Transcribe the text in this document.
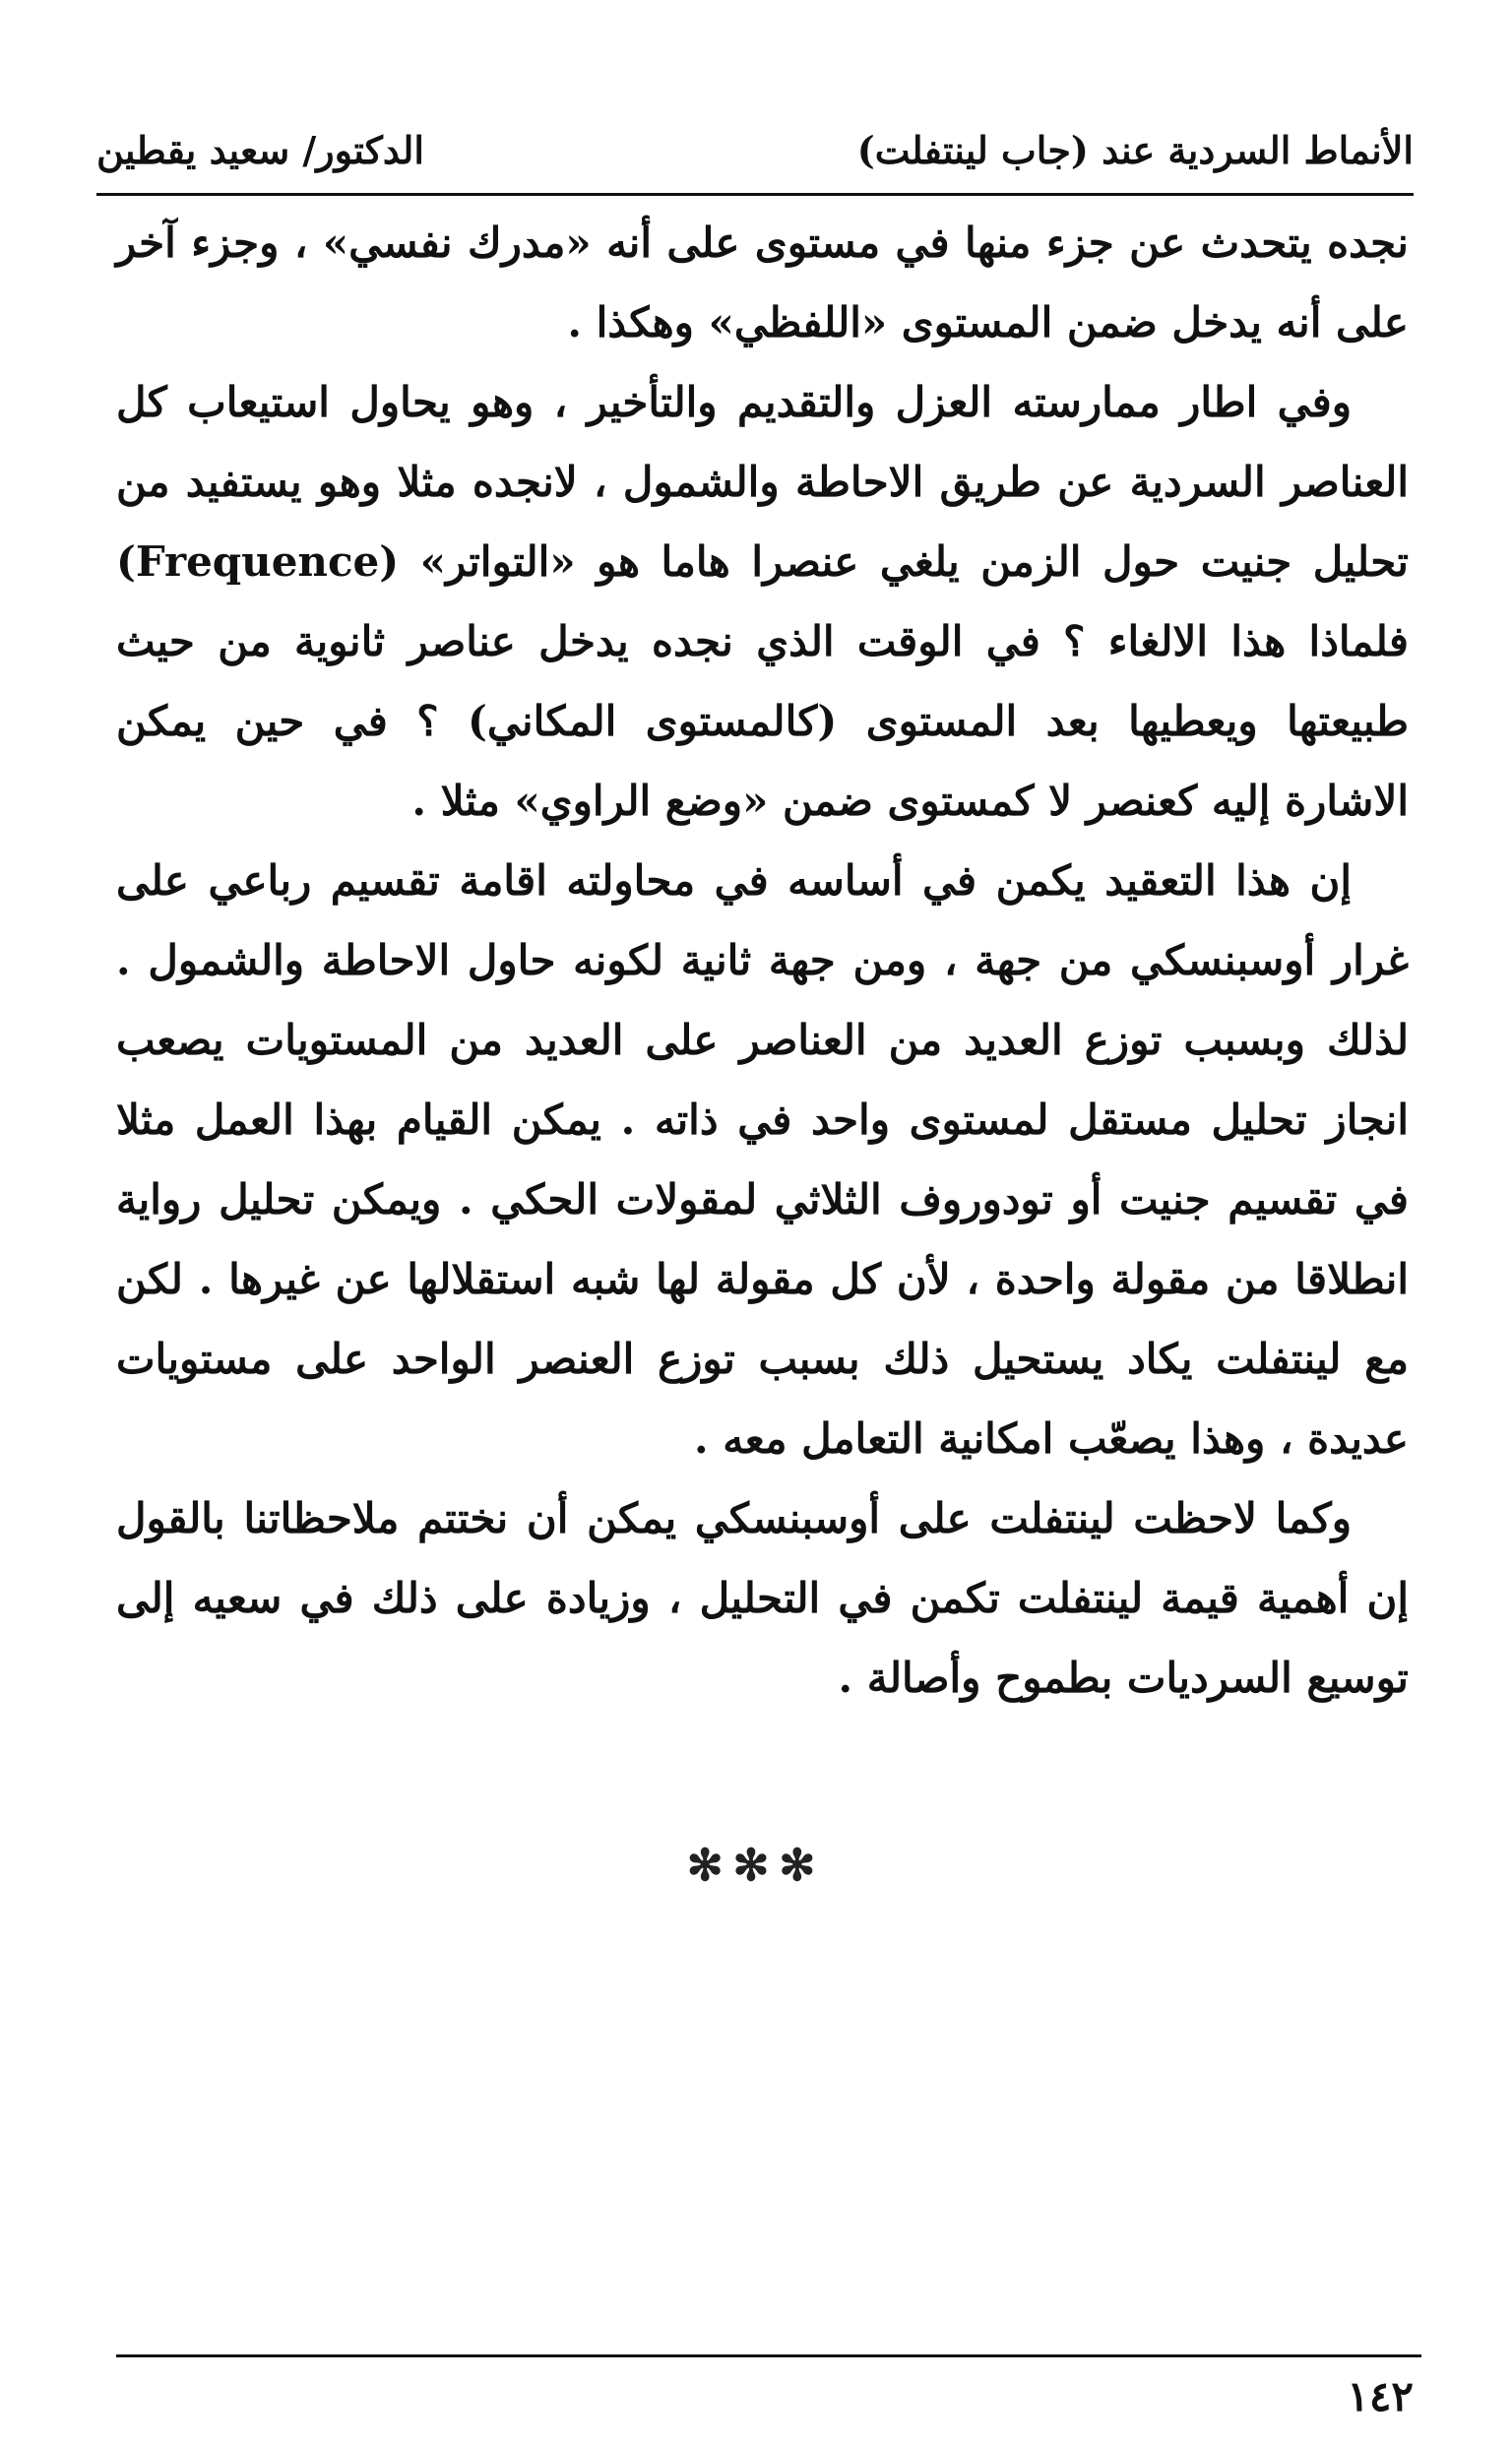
الأنماط السردية عند (جاب لينتفلت)
الدكتور/ سعيد يقطين

نجده يتحدث عن جزء منها في مستوى على أنه «مدرك نفسي» ، وجزء آخر على أنه يدخل ضمن المستوى «اللفظي» وهكذا .

وفي اطار ممارسته العزل والتقديم والتأخير ، وهو يحاول استيعاب كل العناصر السردية عن طريق الاحاطة والشمول ، لانجده مثلا وهو يستفيد من تحليل جنيت حول الزمن يلغي عنصرا هاما هو «التواتر» (Frequence) فلماذا هذا الالغاء ؟ في الوقت الذي نجده يدخل عناصر ثانوية من حيث طبيعتها ويعطيها بعد المستوى (كالمستوى المكاني) ؟ في حين يمكن الاشارة إليه كعنصر لا كمستوى ضمن «وضع الراوي» مثلا .

إن هذا التعقيد يكمن في أساسه في محاولته اقامة تقسيم رباعي على غرار أوسبنسكي من جهة ، ومن جهة ثانية لكونه حاول الاحاطة والشمول . لذلك وبسبب توزع العديد من العناصر على العديد من المستويات يصعب انجاز تحليل مستقل لمستوى واحد في ذاته . يمكن القيام بهذا العمل مثلا في تقسيم جنيت أو تودوروف الثلاثي لمقولات الحكي . ويمكن تحليل رواية انطلاقا من مقولة واحدة ، لأن كل مقولة لها شبه استقلالها عن غيرها . لكن مع لينتفلت يكاد يستحيل ذلك بسبب توزع العنصر الواحد على مستويات عديدة ، وهذا يصعّب امكانية التعامل معه .

وكما لاحظت لينتفلت على أوسبنسكي يمكن أن نختتم ملاحظاتنا بالقول إن أهمية قيمة لينتفلت تكمن في التحليل ، وزيادة على ذلك في سعيه إلى توسيع السرديات بطموح وأصالة .

✻✻✻
١٤٢
